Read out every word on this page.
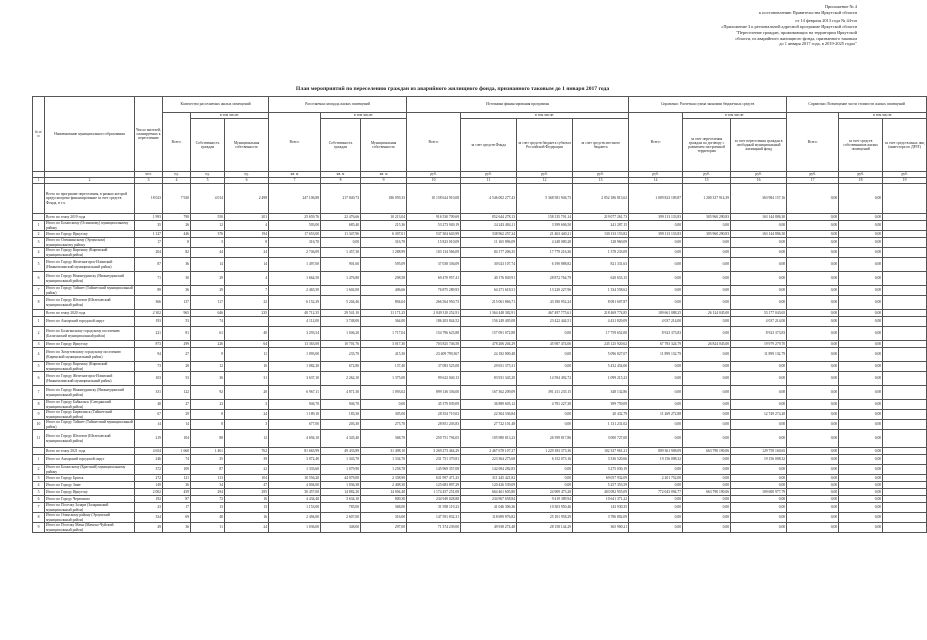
Приложение № 4
к постановлению Правительства Иркутской области
от 14 февраля 2013 года № 44-пп
«Приложение 3 к региональной адресной программе Иркутской области
"Переселение граждан, проживающих на территории Иркутской
области, из аварийного жилищного фонда, признанного таковым
до 1 января 2017 года, в 2019-2025 годах"
План мероприятий по переселению граждан из аварийного жилищного фонда, признанного таковым до 1 января 2017 года
№ п/п	Наименование муниципального образования	Число жителей, планируемых к переселению	Количество расселяемых жилых помещений			Расселяемая площадь жилых помещений			Источники финансирования программы				Справочно: Расчетная сумма экономии бюджетных средств			Справочно: Возмещение части стоимости жилых помещений		
			Всего:	в том числе:		Всего:	в том числе:		Всего:	в том числе:			Всего:	в том числе:		Всего:	в том числе:	
				Собственность граждан	Муниципальная собственность		Собственность граждан	Муниципальная собственность		за счет средств Фонда	за счет средств бюджета субъекта Российской Федерации	за счет средств местного бюджета		за счет переселения граждан по договору с развитием застроенной территории	за счет переселения граждан в свободный муниципальный жилищный фонд		за счет средств собственников жилых помещений	за счет средств иных лиц (инвестора по ДРЗТ)
		чел.	ед.	ед.	ед.	кв. м	кв. м	кв. м	руб.	руб.	руб.	руб.	руб.	руб.	руб.	руб.	руб.	руб.
1	2	3	4	5	6	7	8	9	10	11	12	13	14	15	16	17	18	19
	Всего по программе переселения, в рамках которой предусмотрено финансирование за счет средств Фонда, в т.ч.	18 023	7 920	4 014	2 498	247 106,88	217 040,73	186 059,33	10 158 624 910,08	4 546 002 277,43	5 368 581 946,75	2 052 186 813,62	1 009 823 109,87	1 200 337 914,39	363 984 157,16	0,00	0,00	
	Всего по этапу 2019 года	1 993	790	550	201	25 659,76	22 476,66	10 213,04	916 530 709,69	852 644 278,13	158 135 791,14	219 077 261,73	399 113 133,83	305 960 290,83	163 144 886,30	0,00	0,00	
1	Итого по Бохапскому (Осинскому) муниципальному району	35	26	12	4	503,00	685,40	215,36	53 273 949,19	24 243 484,11	3 399 606,50	241 287,15	0,00	0,00	0,00	0,00	0,00	
2	Итого по Городу Иркутску	1 127	446	376	194	17 653,00	11 347,96	6 307,01	537 304 643,99	338 962 257,24	21 463 440,21	130 133 153,82	399 113 133,83	305 960 290,83	163 144 886,30	0,00	0,00	
3	Итого по Олекминскому (Эрчунском) муниципальному району	17	8	3	8	316,70	0,00	316,70	15 823 010,09	11 165 896,09	4 248 080,28	128 960,09	0,00	0,00	0,00	0,00	0,00	
4	Итого по Городу Киренску (Киренский муниципальный район)	204	82	44	24	2 746,09	1 457,30	1 288,99	103 134 566,09	84 177 206,35	17 779 216,36	1 378 233,09	0,00	0,00	0,00	0,00	0,00	
5	Итого по Городу Железногорск-Илимский (Нижнеилимский муниципальный район)	87	36	14	14	1 497,00	901,60	595,09	37 038 336,09	30 023 107,74	6 190 888,82	821 331,63	0,00	0,00	0,00	0,00	0,00	
6	Итого по Городу Нижнеудинску (Нижнеудинский муниципальный район)	71	30	29	4	1 664,50	1 476,80	298,58	69 470 957,41	40 176 849,91	28 872 764,79	620 653,15	0,00	0,00	0,00	0,00	0,00	
7	Итого по Городу Тайшет (Тайшетский муниципальный район)	89	36	29	7	2 465,50	1 602,00	406,66	76 875 289,93	64 271 618,51	13 220 227,96	1 334 558,62	0,00	0,00	0,00	0,00	0,00	
8	Итого по Городу Шелехов (Шелеховский муниципальный район)	366	137	117	22	6 152,29	5 204,46	894,04	266 564 950,73	215 061 866,71	43 180 952,24	8 081 607,87	0,00	0,00	0,00	0,00	0,00	
	Всего по этапу 2020 года	2 302	965	646	235	40 712,35	29 541,10	11 171,25	2 049 310 252,91	1 364 448 382,91	467 497 775,61	218 469 774,85	109 661 088,25	26 124 045,00	53 177 043,65	0,00	0,00	
1	Итого по Ангарский городской округ	193	53	74		4 112,00	3 748,00	364,00	186 203 844,52	156 249 405,08	23 422 444,51	4 431 829,09	4 037 214,00	0,00	4 037 214,00	0,00	0,00	
2	Итого по Балаганскому городскому поселению (Балаганский муниципальный район)	221	81	61	40	3 293,54	1 046,20	1 717,04	154 796 623,88	157 091 072,88	0,00	17 759 652,00	8 923 373,83	0,00	8 923 373,83	0,00	0,00	
3	Итого по Городу Иркутску	873	299	226	64	13 363,08	10 701,76	3 017,30	703 825 746,58	478 206 204,29	45 987 474,06	245 125 920,62	67 783 324,79	26 824 045,00	19 979 279,70	0,00	0,00	
4	Итого по Хомутовскому городскому поселению (Киренский муниципальный район)	94	27	9	11	1 093,00	233,70	415,30	23 409 799,367	24 182 800,48	0,00	5 096 827,07	11 899 132,79	0,00	11 899 132,79	0,00	0,00	
5	Итого по Городу Киренску (Киренский муниципальный район)	73	28	12	16	1 082,20	672,80	137,40	37 083 525,08	29 651 375,31	0,00	5 432 454,06	0,00	0,00	0,00	0,00	0,00	
6	Итого по Городу Железногорск-Илимский (Нижнеилимский муниципальный район)	103	53	36	31	3 637,10	2 262,10	1 375,00	99 623 040,13	83 931 345,29	14 594 492,72	1 099 215,23	0,00	0,00	0,00	0,00	0,00	
7	Итого по Городу Нижнеудинску (Нижнеудинский муниципальный район)	331	122	92	20	6 967,11	4 871,30	1 093,02	899 136 336,00	167 362 209,09	391 411 235,15	348 132,86	0,00	0,00	0,00	0,00	0,00	
8	Итого по Городу Байкальск (Слюдянский муниципальный район)	48	27	23	3	946,70	946,70	0,00	45 379 039,09	36 889 603,12	4 781 227,38	399 759,09	0,00	0,00	0,00	0,00	0,00	
9	Итого по Городу Бирюсинск (Тайшетский муниципальный район)	67	29	8	24	1 189,10	183,30	305,00	28 354 719,02	22 304 336,84	0,00	20 432,79	11 269 272,88	0,00	12 749 274,20	0,00	0,00	
10	Итого по Городу Тайшет (Тайшетский муниципальный район)	14	14	8	3	677,00	203,30	273,70	28 851 203,83	27 722 101,48	0,00	1 131 231,02	0,00	0,00	0,00	0,00	0,00	
11	Итого по Городу Шелехов (Шелеховский муниципальный район)	219	104	88	12	4 694,10	4 345,40	368,70	250 751 794,05	105 980 813,23	26 599 817,86	3 000 727,00	0,00	0,00	0,00	0,00	0,00	
	Всего по этапу 2021 года	4 654	1 660	1 461	762	81 665,99	49 433,89	31 498,10	3 269 273 464,29	2 467 678 107,27	1 229 183 373,36	102 337 961,21	809 361 908,09	663 790 190,06	129 758 160,65	0,00	0,00	
1	Итого по Ангарский городской округ	246	74	35	39	3 072,40	1 343,70	1 334,70	231 751 379,81	223 364 275,68	6 152 073,16	3 336 520,66	19 156 008,32	0,00	19 156 008,32	0,00	0,00	
2	Итого по Бохапскому (Братский) муниципальному району	372	109	87	22	1 333,60	1 079,90	1 258,78	145 969 357,08	142 694 282,83	0,00	3 275 030,19	0,00	0,00	0,00	0,00	0,00	
3	Итого по Городу Братск	272	121	113	104	10 556,20	44 079,00	2 338,90	631 997 471,25	311 245 421,82	0,00	69 057 932,09	2 201 752,00	0,00	0,00	0,00	0,00	
4	Итого по Городу Зиме	149	36	34	47	4 004,00	1 036,38	2 408,30	125 683 897,29	120 426 539,09	0,00	5 257 353,59	0,00	0,00	0,00	0,00	0,00	
5	Итого по Городу Иркутску	2 002	459	294	295	30 457,00	14 882,20	14 004,40	1 174 457 251,08	664 461 605,80	24 909 473,28	403 082 955,09	772 043 094,77	663 790 190,06	109 600 977,79	0,00	0,00	
6	Итого по Городу Черемхово	192	87	73	16	4 434,40	3 634,10	800,30	234 949 028,88	234 967 658,84	9 419 389,94	10 641 371,22	0,00	0,00	0,00	0,00	0,00	
7	Итого по Поселку Залари (Заларинский муниципальный район)	23	17	13	13	1 153,00	785,00	368,00	31 958 119,23	41 046 306,36	10 303 950,46	143 930,35	0,00	0,00	0,00	0,00	0,00	
8	Итого по Осинскому району (Эрчунский муниципальный район)	334	69	48	16	2 494,00	2 607,00	316,00	147 591 832,31	118 699 976,82	25 101 958,29	3 786 802,09	0,00	0,00	0,00	0,00	0,00	
9	Итого по Поселку Мама (Мамско-Чуйский муниципальный район)	49	36	11	24	1 036,00	348,00	297,00	71 374 239,00	49 938 274,48	28 158 144,29	365 900,21	0,00	0,00	0,00	0,00	0,00	
